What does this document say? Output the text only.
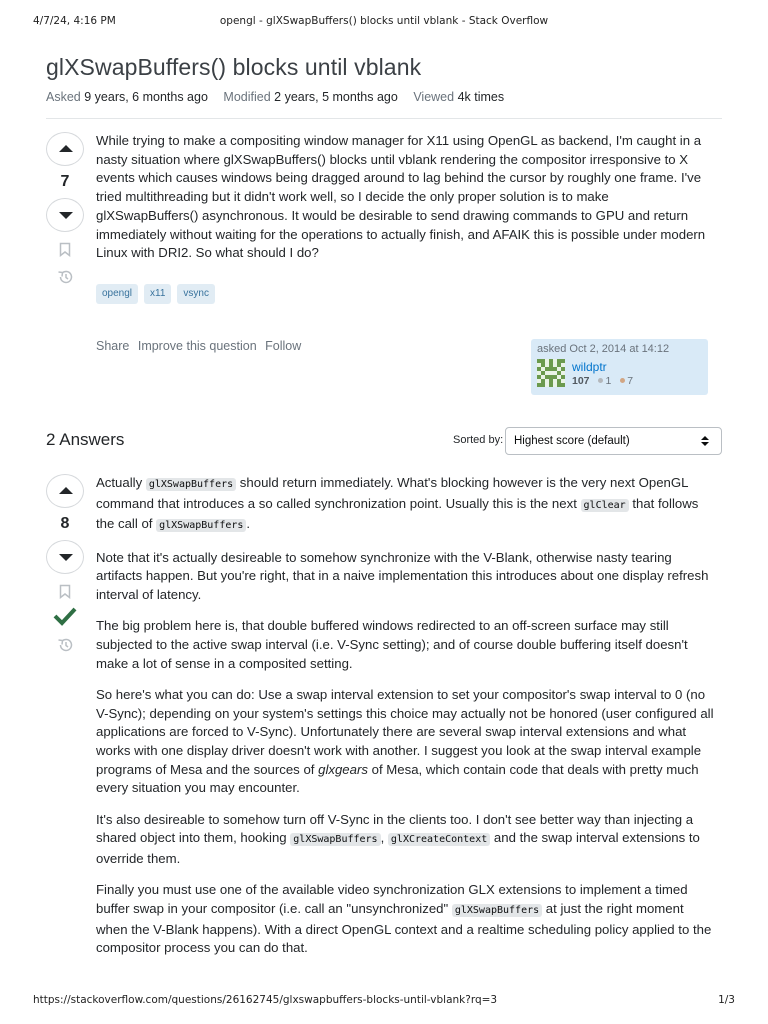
4/7/24, 4:16 PM	opengl - glXSwapBuffers() blocks until vblank - Stack Overflow
glXSwapBuffers() blocks until vblank
Asked 9 years, 6 months ago Modified 2 years, 5 months ago Viewed 4k times
7

While trying to make a compositing window manager for X11 using OpenGL as backend, I'm caught in a nasty situation where glXSwapBuffers() blocks until vblank rendering the compositor irresponsive to X events which causes windows being dragged around to lag behind the cursor by roughly one frame. I've tried multithreading but it didn't work well, so I decide the only proper solution is to make glXSwapBuffers() asynchronous. It would be desirable to send drawing commands to GPU and return immediately without waiting for the operations to actually finish, and AFAIK this is possible under modern Linux with DRI2. So what should I do?

opengl	x11	vsync
Share Improve this question Follow	asked Oct 2, 2014 at 14:12
wildptr
107 1 7
2 Answers	Sorted by: Highest score (default)
8

Actually glXSwapBuffers should return immediately. What's blocking however is the very next OpenGL command that introduces a so called synchronization point. Usually this is the next glClear that follows the call of glXSwapBuffers .

Note that it's actually desireable to somehow synchronize with the V-Blank, otherwise nasty tearing artifacts happen. But you're right, that in a naive implementation this introduces about one display refresh interval of latency.

The big problem here is, that double buffered windows redirected to an off-screen surface may still subjected to the active swap interval (i.e. V-Sync setting); and of course double buffering itself doesn't make a lot of sense in a composited setting.

So here's what you can do: Use a swap interval extension to set your compositor's swap interval to 0 (no V-Sync); depending on your system's settings this choice may actually not be honored (user configured all applications are forced to V-Sync). Unfortunately there are several swap interval extensions and what works with one display driver doesn't work with another. I suggest you look at the swap interval example programs of Mesa and the sources of glxgears of Mesa, which contain code that deals with pretty much every situation you may encounter.

It's also desireable to somehow turn off V-Sync in the clients too. I don't see better way than injecting a shared object into them, hooking glXSwapBuffers , glXCreateContext and the swap interval extensions to override them.

Finally you must use one of the available video synchronization GLX extensions to implement a timed buffer swap in your compositor (i.e. call an "unsynchronized" glXSwapBuffers at just the right moment when the V-Blank happens). With a direct OpenGL context and a realtime scheduling policy applied to the compositor process you can do that.

https://stackoverflow.com/questions/26162745/glxswapbuffers-blocks-until-vblank?rq=3	1/3
